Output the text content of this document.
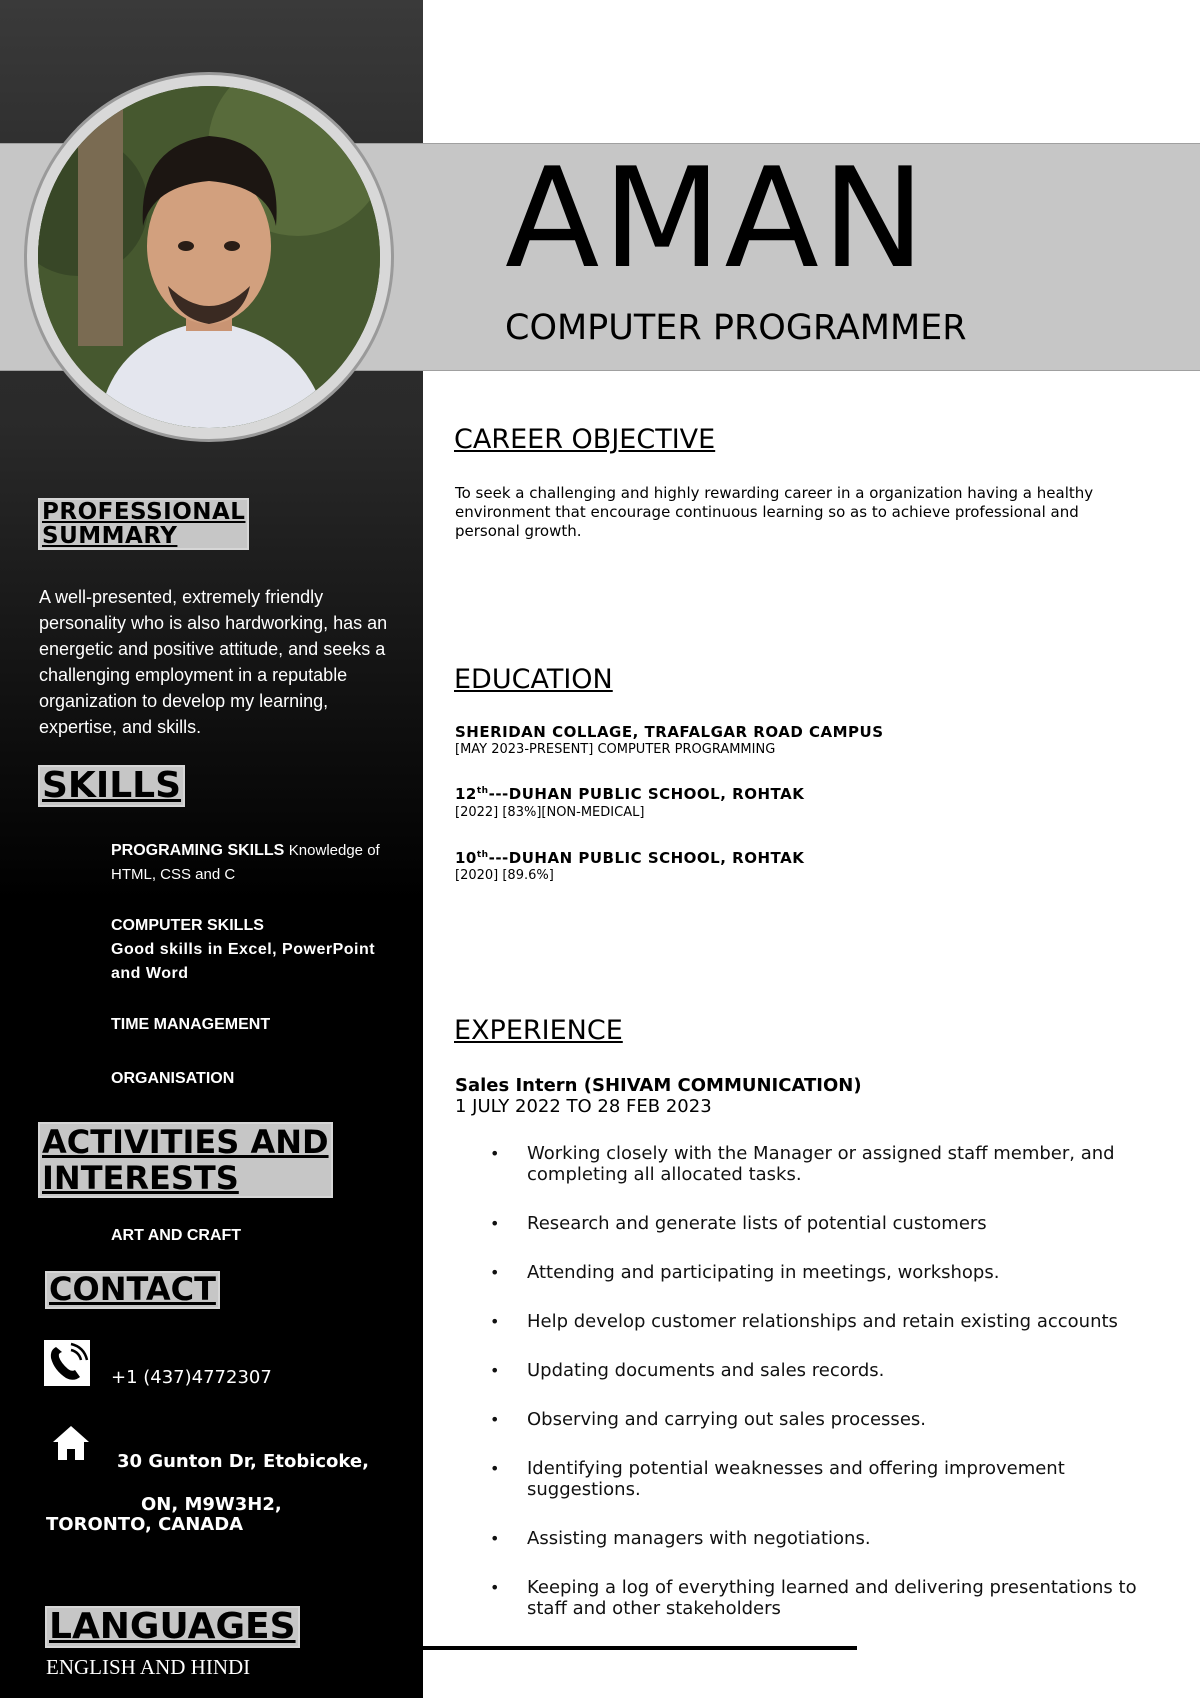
AMAN
COMPUTER PROGRAMMER
PROFESSIONAL
SUMMARY
A well-presented, extremely friendly personality who is also hardworking, has an energetic and positive attitude, and seeks a challenging employment in a reputable organization to develop my learning, expertise, and skills.
SKILLS
PROGRAMING SKILLS Knowledge of HTML, CSS and C
COMPUTER SKILLS
Good skills in Excel, PowerPoint and Word
TIME MANAGEMENT
ORGANISATION
ACTIVITIES AND
INTERESTS
ART AND CRAFT
CONTACT
+1 (437)4772307
30 Gunton Dr, Etobicoke,
ON, M9W3H2,
TORONTO, CANADA
LANGUAGES
ENGLISH AND HINDI
CAREER OBJECTIVE
To seek a challenging and highly rewarding career in a organization having a healthy environment that encourage continuous learning so as to achieve professional and personal growth.
EDUCATION
SHERIDAN COLLAGE, TRAFALGAR ROAD CAMPUS
[MAY 2023-PRESENT] COMPUTER PROGRAMMING
12th---DUHAN PUBLIC SCHOOL, ROHTAK
[2022] [83%][NON-MEDICAL]
10th---DUHAN PUBLIC SCHOOL, ROHTAK
[2020] [89.6%]
EXPERIENCE
Sales Intern (SHIVAM COMMUNICATION)
1 JULY 2022 TO 28 FEB 2023
• Working closely with the Manager or assigned staff member, and completing all allocated tasks.
• Research and generate lists of potential customers
• Attending and participating in meetings, workshops.
• Help develop customer relationships and retain existing accounts
• Updating documents and sales records.
• Observing and carrying out sales processes.
• Identifying potential weaknesses and offering improvement suggestions.
• Assisting managers with negotiations.
• Keeping a log of everything learned and delivering presentations to staff and other stakeholders
